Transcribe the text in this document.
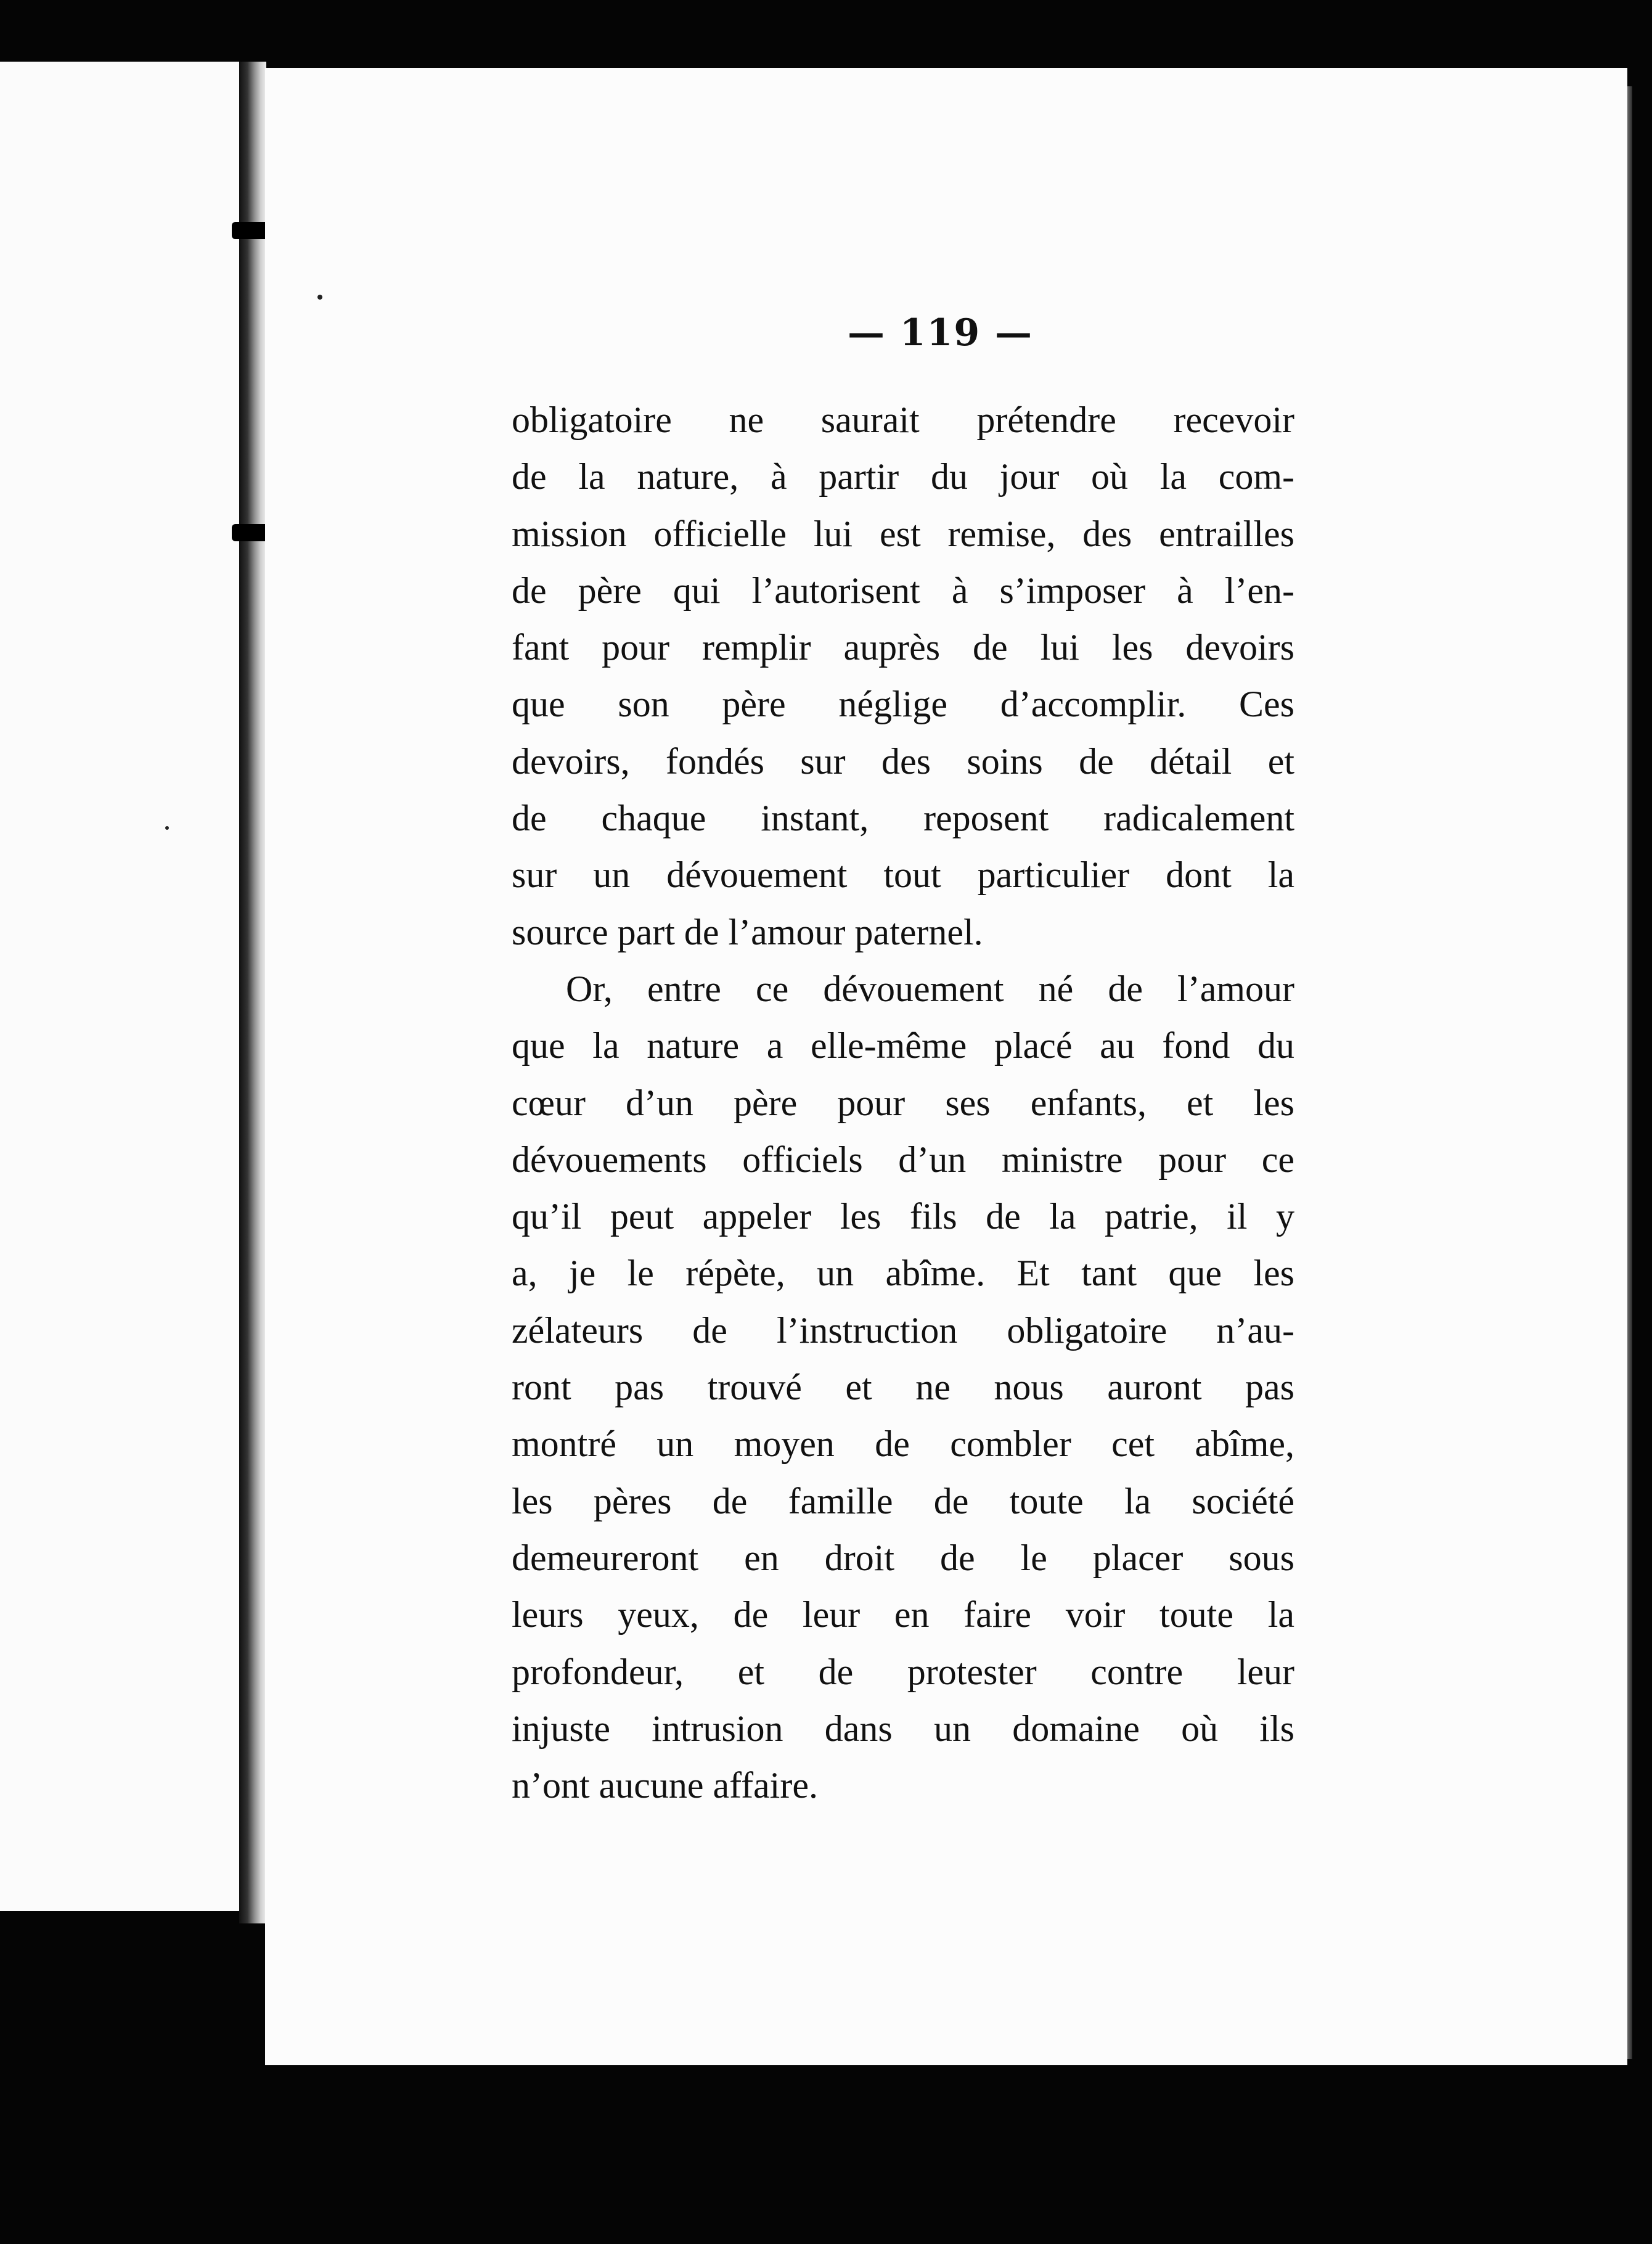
— 119 —
obligatoire ne saurait prétendre recevoir
de la nature, à partir du jour où la com-
mission officielle lui est remise, des entrailles
de père qui l’autorisent à s’imposer à l’en-
fant pour remplir auprès de lui les devoirs
que son père néglige d’accomplir. Ces
devoirs, fondés sur des soins de détail et
de chaque instant, reposent radicalement
sur un dévouement tout particulier dont la
source part de l’amour paternel.
Or, entre ce dévouement né de l’amour
que la nature a elle-même placé au fond du
cœur d’un père pour ses enfants, et les
dévouements officiels d’un ministre pour ce
qu’il peut appeler les fils de la patrie, il y
a, je le répète, un abîme. Et tant que les
zélateurs de l’instruction obligatoire n’au-
ront pas trouvé et ne nous auront pas
montré un moyen de combler cet abîme,
les pères de famille de toute la société
demeureront en droit de le placer sous
leurs yeux, de leur en faire voir toute la
profondeur, et de protester contre leur
injuste intrusion dans un domaine où ils
n’ont aucune affaire.
